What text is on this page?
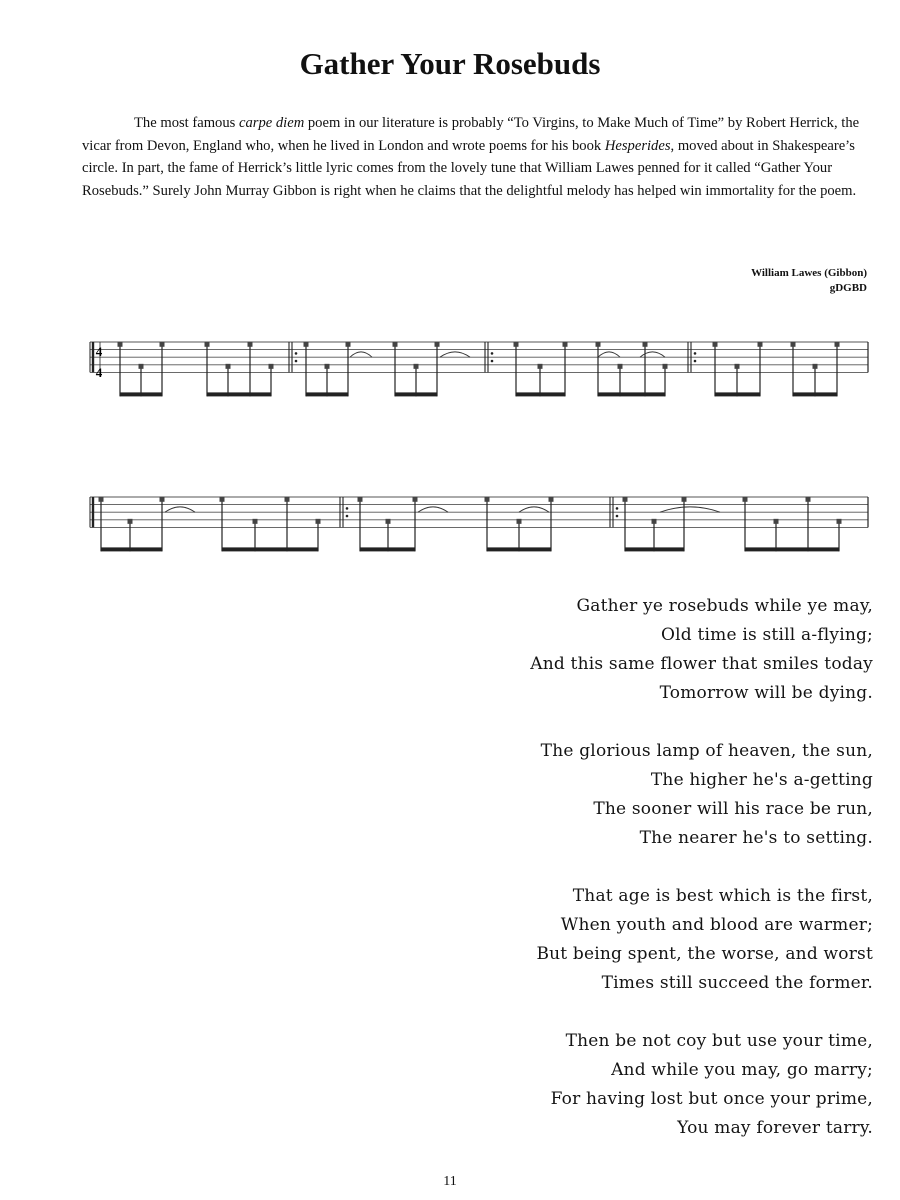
Gather Your Rosebuds

The most famous carpe diem poem in our literature is probably “To Virgins, to Make Much of Time” by Robert Herrick, the vicar from Devon, England who, when he lived in London and wrote poems for his book Hesperides, moved about in Shakespeare’s circle. In part, the fame of Herrick’s little lyric comes from the lovely tune that William Lawes penned for it called “Gather Your Rosebuds.” Surely John Murray Gibbon is right when he claims that the delightful melody has helped win immortality for the poem.

William Lawes (Gibbon)
gDGBD
4
4
Gather ye rosebuds while ye may,
Old time is still a-flying;
And this same flower that smiles today
Tomorrow will be dying.
The glorious lamp of heaven, the sun,
The higher he's a-getting
The sooner will his race be run,
The nearer he's to setting.
That age is best which is the first,
When youth and blood are warmer;
But being spent, the worse, and worst
Times still succeed the former.
Then be not coy but use your time,
And while you may, go marry;
For having lost but once your prime,
You may forever tarry.
11
